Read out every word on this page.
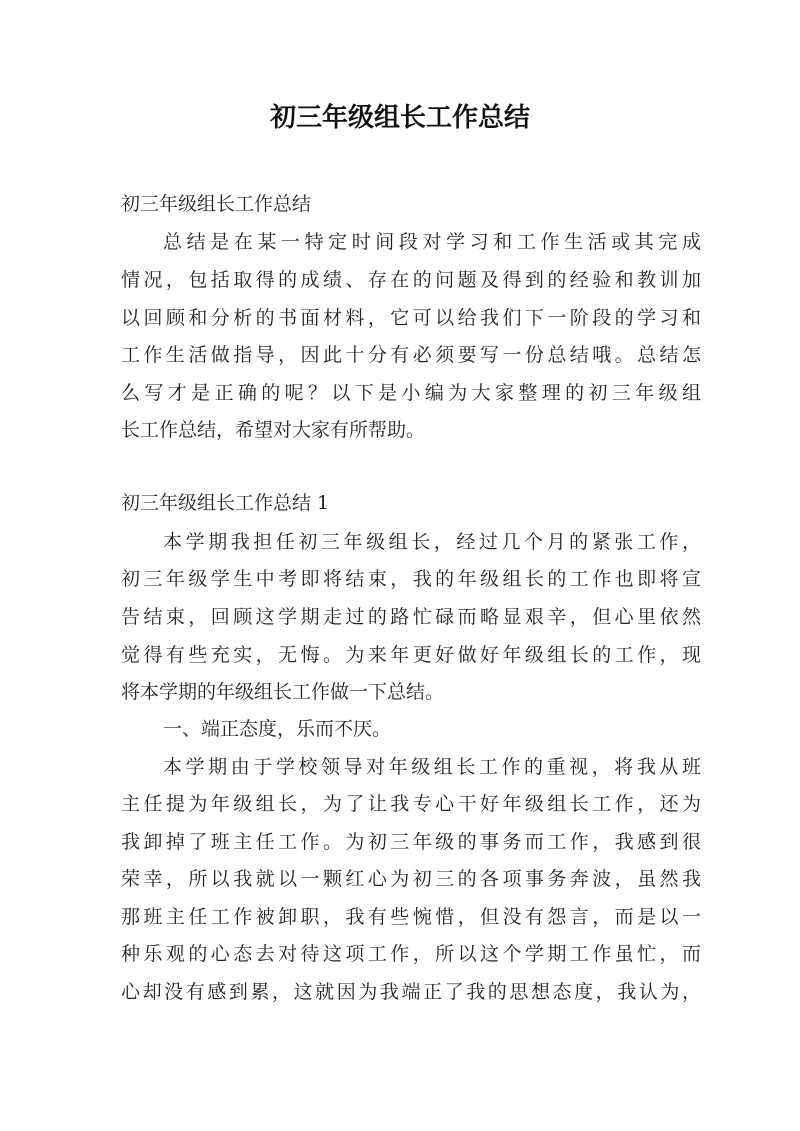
初三年级组长工作总结
初三年级组长工作总结
总结是在某一特定时间段对学习和工作生活或其完成
情况，包括取得的成绩、存在的问题及得到的经验和教训加
以回顾和分析的书面材料，它可以给我们下一阶段的学习和
工作生活做指导，因此十分有必须要写一份总结哦。总结怎
么写才是正确的呢？以下是小编为大家整理的初三年级组
长工作总结，希望对大家有所帮助。
初三年级组长工作总结 1
本学期我担任初三年级组长，经过几个月的紧张工作，
初三年级学生中考即将结束，我的年级组长的工作也即将宣
告结束，回顾这学期走过的路忙碌而略显艰辛，但心里依然
觉得有些充实，无悔。为来年更好做好年级组长的工作，现
将本学期的年级组长工作做一下总结。
一、端正态度，乐而不厌。
本学期由于学校领导对年级组长工作的重视，将我从班
主任提为年级组长，为了让我专心干好年级组长工作，还为
我卸掉了班主任工作。为初三年级的事务而工作，我感到很
荣幸，所以我就以一颗红心为初三的各项事务奔波，虽然我
那班主任工作被卸职，我有些惋惜，但没有怨言，而是以一
种乐观的心态去对待这项工作，所以这个学期工作虽忙，而
心却没有感到累，这就因为我端正了我的思想态度，我认为，
